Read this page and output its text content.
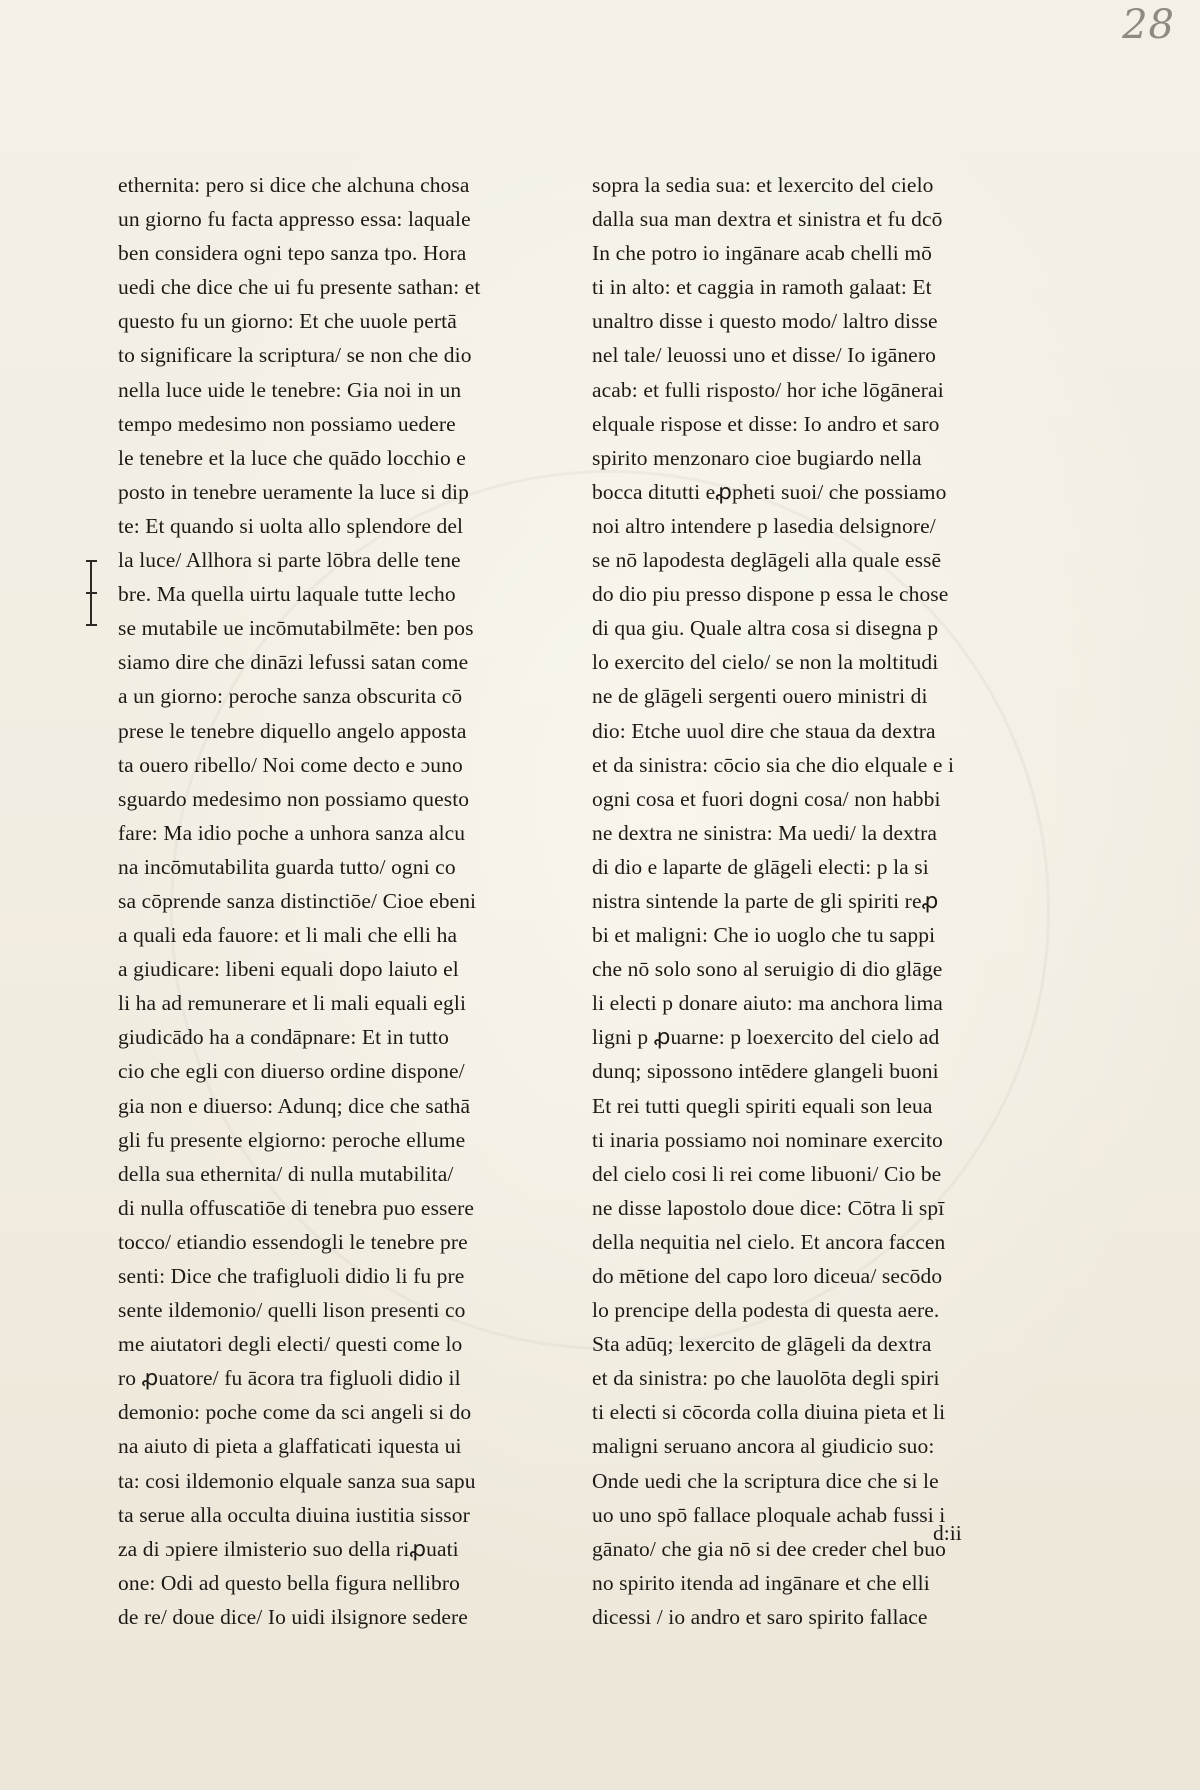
28
ethernita: pero si dice che alchuna chosa
un giorno fu facta appresso essa: laquale
ben considera ogni tepo sanza tpo. Hora
uedi che dice che ui fu presente sathan: et
questo fu un giorno: Et che uuole pertā
to significare la scriptura/ se non che dio
nella luce uide le tenebre: Gia noi in un
tempo medesimo non possiamo uedere
le tenebre et la luce che quādo locchio e
posto in tenebre ueramente la luce si dip
te: Et quando si uolta allo splendore del
la luce/ Allhora si parte lōbra delle tene
bre. Ma quella uirtu laquale tutte lecho
se mutabile ue incōmutabilmēte: ben pos
siamo dire che dināzi lefussi satan come
a un giorno: peroche sanza obscurita cō
prese le tenebre diquello angelo appostа
ta ouero ribello/ Noi come decto e ɔuno
sguardo medesimo non possiamo questo
fare: Ma idio poche a unhora sanza alcu
na incōmutabilita guarda tutto/ ogni co
sa cōprende sanza distinctiōe/ Cioe ebeni
a quali eda fauore: et li mali che elli ha
a giudicare: libeni equali dopo laiuto el
li ha ad remunerare et li mali equali egli
giudicādo ha a condāpnare: Et in tutto
cio che egli con diuerso ordine dispone/
gia non e diuerso: Adunq; dice che sathā
gli fu presente elgiorno: peroche ellume
della sua ethernita/ di nulla mutabilita/
di nulla offuscatiōe di tenebra puo essere
tocco/ etiandio essendogli le tenebre pre
senti: Dice che trafigluoli didio li fu pre
sente ildemonio/ quelli lison presenti co
me aiutatori degli electi/ questi come lo
ro ꝓuatore/ fu ācora tra figluoli didio il
demonio: poche come da sci angeli si do
na aiuto di pieta a glaffaticati iquesta ui
ta: cosi ildemonio elquale sanza sua sapu
ta serue alla occulta diuina iustitia sissor
za di ɔpiere ilmisterio suo della riꝓuati
one: Odi ad questo bella figura nellibro
de re/ doue dice/ Io uidi ilsignore sedere
sopra la sedia sua: et lexercito del cielo
dalla sua man dextra et sinistra et fu dcō
In che potro io ingānare acab chelli mō
ti in alto: et caggia in ramoth galaat: Et
unaltro disse i questo modo/ laltro disse
nel tale/ leuossi uno et disse/ Io igānero
acab: et fulli risposto/ hor iche lōgānerai
elquale rispose et disse: Io andro et saro
spirito menzonaro cioe bugiardo nella
bocca ditutti eꝓpheti suoi/ che possiamo
noi altro intendere p lasedia delsignore/
se nō lapodesta deglāgeli alla quale essē
do dio piu presso dispone p essa le chose
di qua giu. Quale altra cosa si disegna p
lo exercito del cielo/ se non la moltitudi
ne de glāgeli sergenti ouero ministri di
dio: Etche uuol dire che staua da dextra
et da sinistra: cōcio sia che dio elquale e i
ogni cosa et fuori dogni cosa/ non habbi
ne dextra ne sinistra: Ma uedi/ la dextra
di dio e laparte de glāgeli electi: p la si
nistra sintende la parte de gli spiriti reꝓ
bi et maligni: Che io uoglo che tu sappi
che nō solo sono al seruigio di dio glāge
li electi p donare aiuto: ma anchora lima
ligni p ꝓuarne: p loexercito del cielo ad
dunq; sipossono intēdere glangeli buoni
Et rei tutti quegli spiriti equali son leua
ti inaria possiamo noi nominare exercito
del cielo cosi li rei come libuoni/ Cio be
ne disse lapostolo doue dice: Cōtra li spī
della nequitia nel cielo. Et ancora faccen
do mētione del capo loro diceua/ secōdo
lo prencipe della podesta di questa aere.
Sta adūq; lexercito de glāgeli da dextra
et da sinistra: po che lauolōta degli spiri
ti electi si cōcorda colla diuina pieta et li
maligni seruano ancora al giudicio suo:
Onde uedi che la scriptura dice che si le
uo uno spō fallace ploquale achab fussi i
gānato/ che gia nō si dee creder chel buo
no spirito itenda ad ingānare et che elli
dicessi / io andro et saro spirito fallace
d:ii
